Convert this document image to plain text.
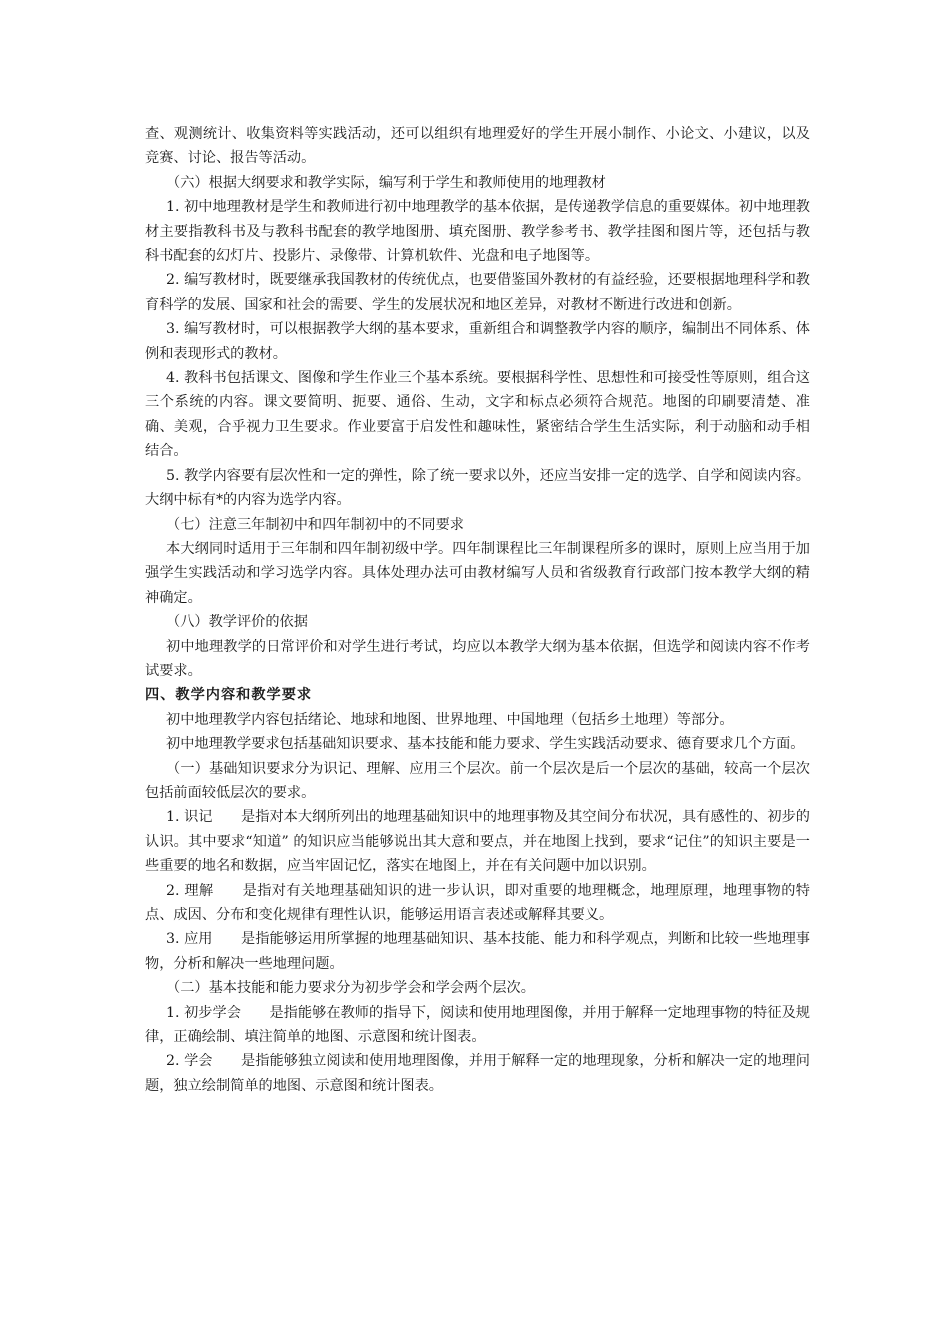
查、观测统计、收集资料等实践活动，还可以组织有地理爱好的学生开展小制作、小论文、小建议，以及竞赛、讨论、报告等活动。

（六）根据大纲要求和教学实际，编写利于学生和教师使用的地理教材

1. 初中地理教材是学生和教师进行初中地理教学的基本依据，是传递教学信息的重要媒体。初中地理教材主要指教科书及与教科书配套的教学地图册、填充图册、教学参考书、教学挂图和图片等，还包括与教科书配套的幻灯片、投影片、录像带、计算机软件、光盘和电子地图等。

2. 编写教材时，既要继承我国教材的传统优点，也要借鉴国外教材的有益经验，还要根据地理科学和教育科学的发展、国家和社会的需要、学生的发展状况和地区差异，对教材不断进行改进和创新。

3. 编写教材时，可以根据教学大纲的基本要求，重新组合和调整教学内容的顺序，编制出不同体系、体例和表现形式的教材。

4. 教科书包括课文、图像和学生作业三个基本系统。要根据科学性、思想性和可接受性等原则，组合这三个系统的内容。课文要简明、扼要、通俗、生动，文字和标点必须符合规范。地图的印刷要清楚、准确、美观，合乎视力卫生要求。作业要富于启发性和趣味性，紧密结合学生生活实际，利于动脑和动手相结合。

5. 教学内容要有层次性和一定的弹性，除了统一要求以外，还应当安排一定的选学、自学和阅读内容。大纲中标有*的内容为选学内容。

（七）注意三年制初中和四年制初中的不同要求

本大纲同时适用于三年制和四年制初级中学。四年制课程比三年制课程所多的课时，原则上应当用于加强学生实践活动和学习选学内容。具体处理办法可由教材编写人员和省级教育行政部门按本教学大纲的精神确定。

（八）教学评价的依据

初中地理教学的日常评价和对学生进行考试，均应以本教学大纲为基本依据，但选学和阅读内容不作考试要求。

四、教学内容和教学要求

初中地理教学内容包括绪论、地球和地图、世界地理、中国地理（包括乡土地理）等部分。

初中地理教学要求包括基础知识要求、基本技能和能力要求、学生实践活动要求、德育要求几个方面。

（一）基础知识要求分为识记、理解、应用三个层次。前一个层次是后一个层次的基础，较高一个层次包括前面较低层次的要求。

1. 识记　　是指对本大纲所列出的地理基础知识中的地理事物及其空间分布状况，具有感性的、初步的认识。其中要求“知道” 的知识应当能够说出其大意和要点，并在地图上找到，要求“记住”的知识主要是一些重要的地名和数据，应当牢固记忆，落实在地图上，并在有关问题中加以识别。

2. 理解　　是指对有关地理基础知识的进一步认识，即对重要的地理概念，地理原理，地理事物的特点、成因、分布和变化规律有理性认识，能够运用语言表述或解释其要义。

3. 应用　　是指能够运用所掌握的地理基础知识、基本技能、能力和科学观点，判断和比较一些地理事物，分析和解决一些地理问题。

（二）基本技能和能力要求分为初步学会和学会两个层次。

1. 初步学会　　是指能够在教师的指导下，阅读和使用地理图像，并用于解释一定地理事物的特征及规律，正确绘制、填注简单的地图、示意图和统计图表。

2. 学会　　是指能够独立阅读和使用地理图像，并用于解释一定的地理现象，分析和解决一定的地理问题，独立绘制简单的地图、示意图和统计图表。
